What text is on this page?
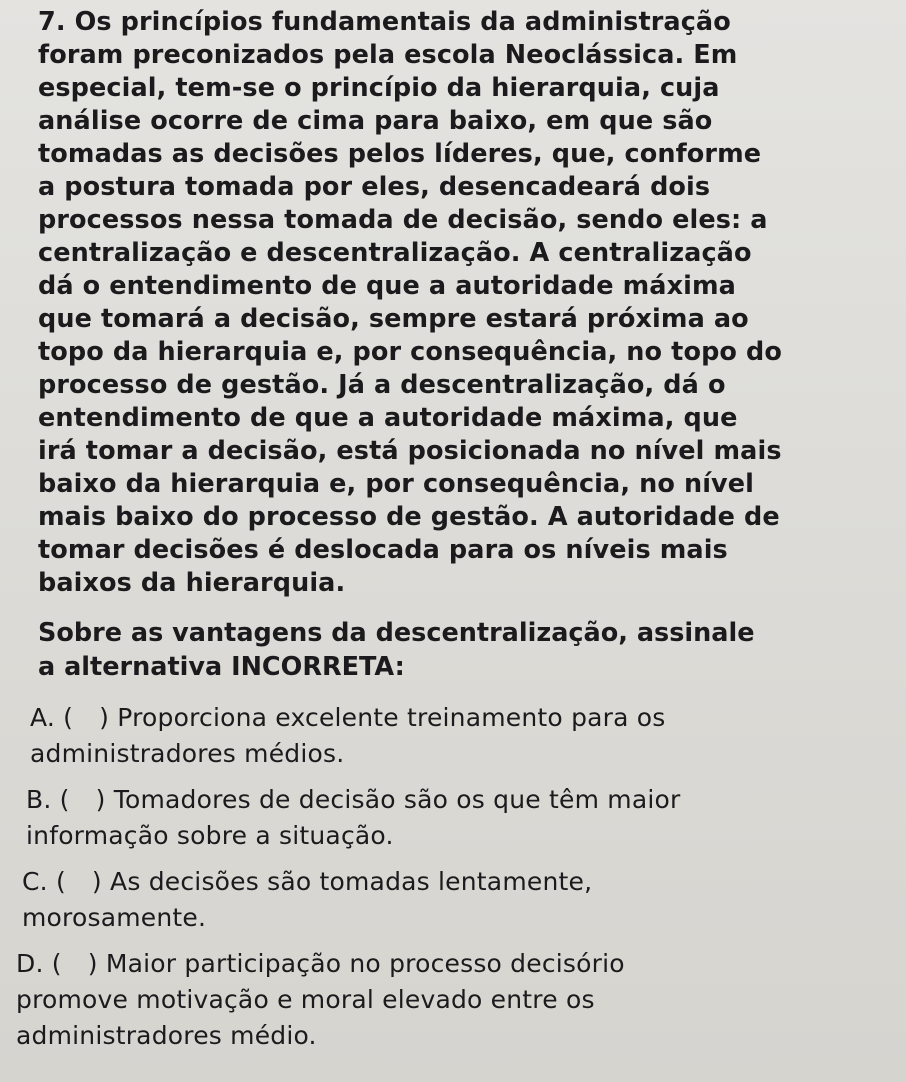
7. Os princípios fundamentais da administração
foram preconizados pela escola Neoclássica. Em
especial, tem-se o princípio da hierarquia, cuja
análise ocorre de cima para baixo, em que são
tomadas as decisões pelos líderes, que, conforme
a postura tomada por eles, desencadeará dois
processos nessa tomada de decisão, sendo eles: a
centralização e descentralização. A centralização
dá o entendimento de que a autoridade máxima
que tomará a decisão, sempre estará próxima ao
topo da hierarquia e, por consequência, no topo do
processo de gestão. Já a descentralização, dá o
entendimento de que a autoridade máxima, que
irá tomar a decisão, está posicionada no nível mais
baixo da hierarquia e, por consequência, no nível
mais baixo do processo de gestão. A autoridade de
tomar decisões é deslocada para os níveis mais
baixos da hierarquia.

Sobre as vantagens da descentralização, assinale
a alternativa INCORRETA:

A. ( ) Proporciona excelente treinamento para os
administradores médios.
B. ( ) Tomadores de decisão são os que têm maior
informação sobre a situação.
C. ( ) As decisões são tomadas lentamente,
morosamente.
D. ( ) Maior participação no processo decisório
promove motivação e moral elevado entre os
administradores médio.
